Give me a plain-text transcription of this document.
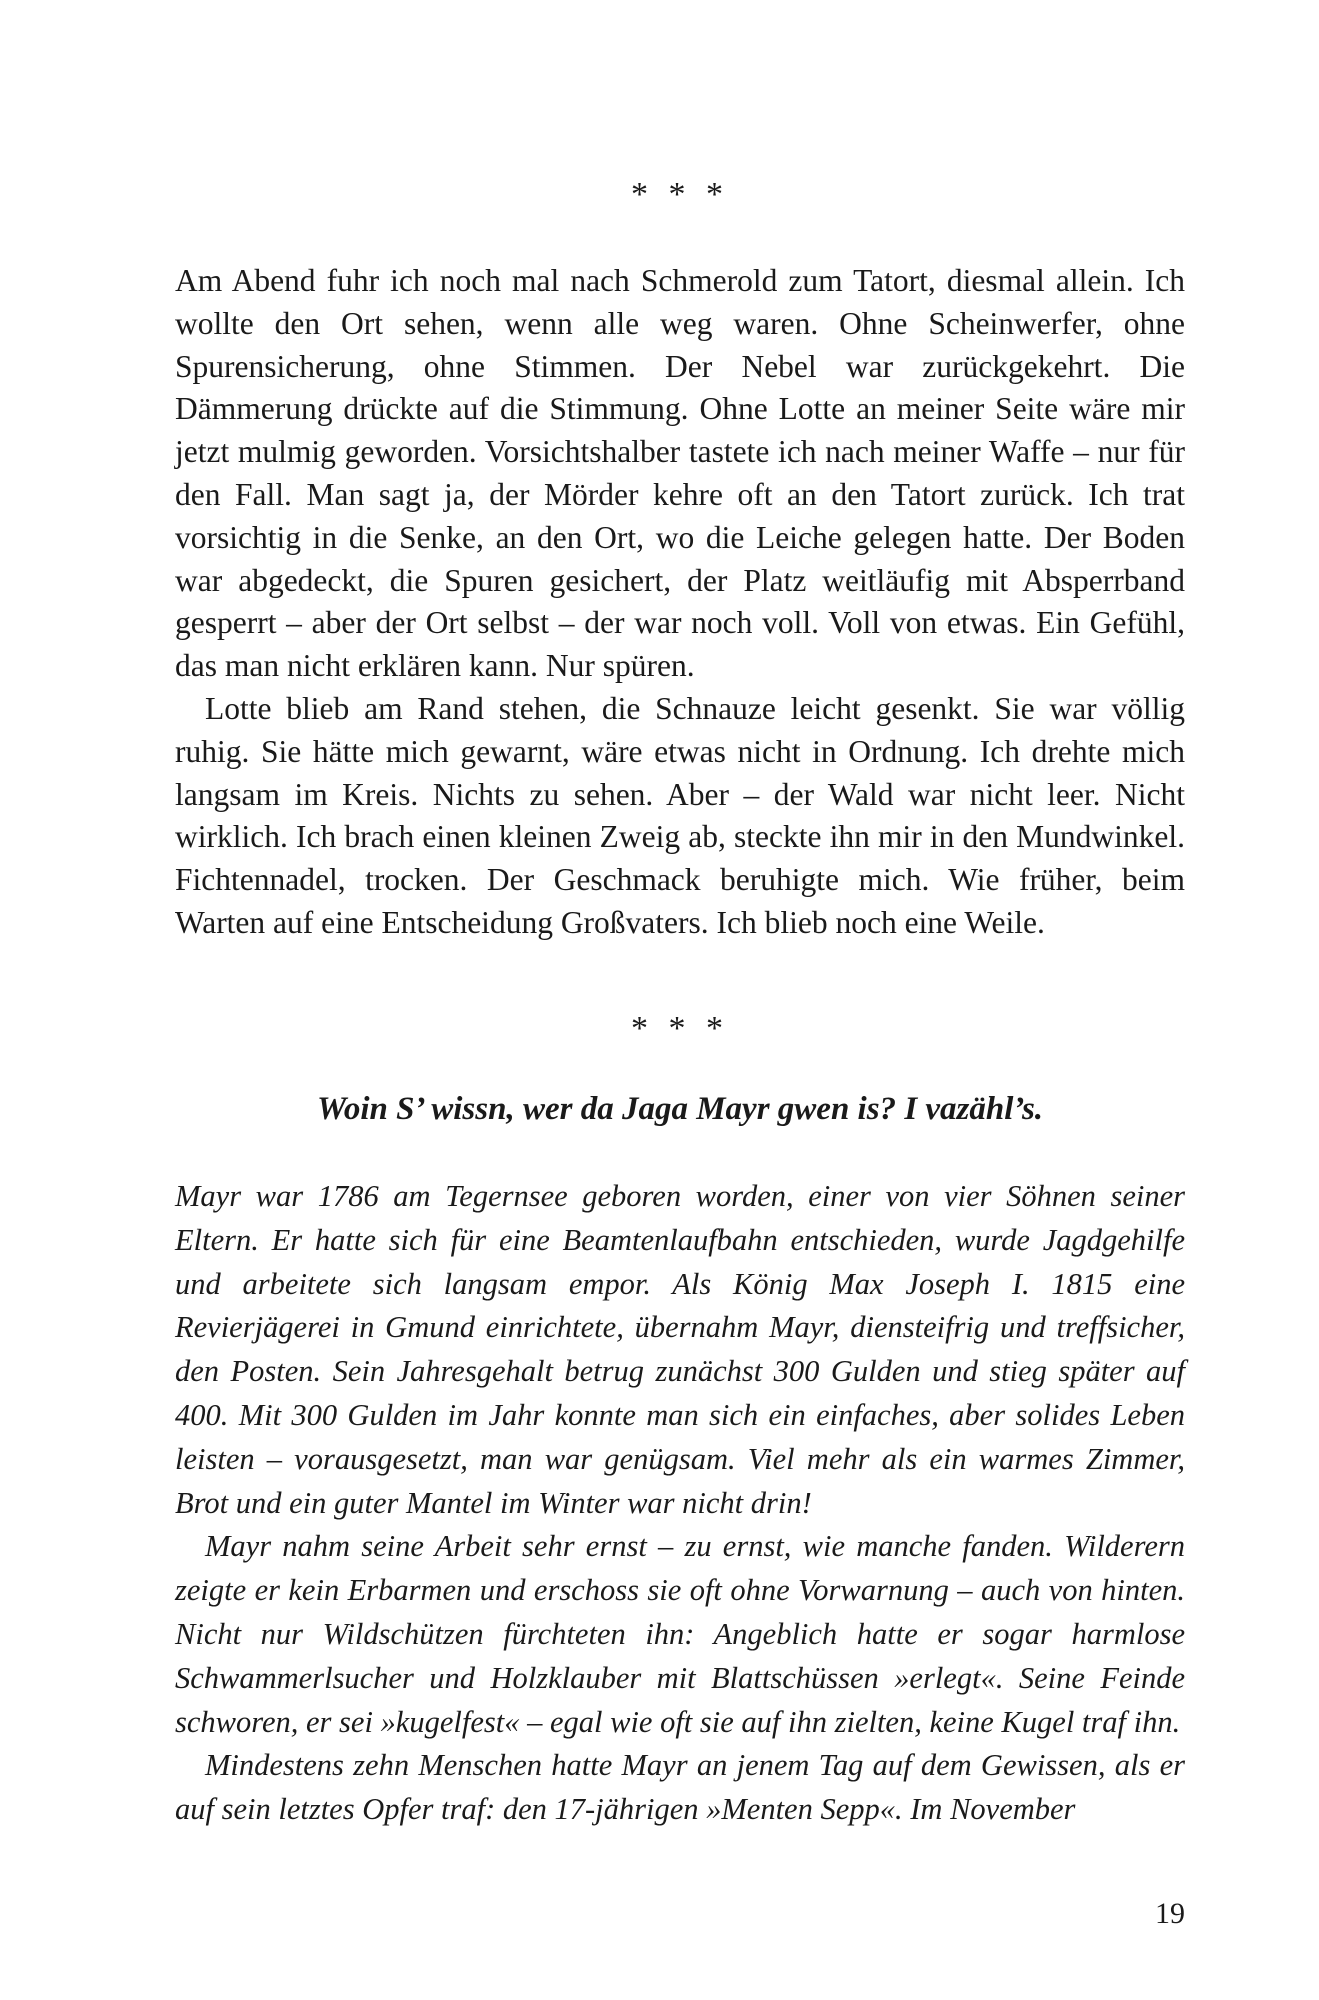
* * *

Am Abend fuhr ich noch mal nach Schmerold zum Tatort, diesmal allein. Ich wollte den Ort sehen, wenn alle weg waren. Ohne Scheinwerfer, ohne Spurensicherung, ohne Stimmen. Der Nebel war zurückgekehrt. Die Dämmerung drückte auf die Stimmung. Ohne Lotte an meiner Seite wäre mir jetzt mulmig geworden. Vorsichtshalber tastete ich nach meiner Waffe – nur für den Fall. Man sagt ja, der Mörder kehre oft an den Tatort zurück. Ich trat vorsichtig in die Senke, an den Ort, wo die Leiche gelegen hatte. Der Boden war abgedeckt, die Spuren gesichert, der Platz weitläufig mit Absperrband gesperrt – aber der Ort selbst – der war noch voll. Voll von etwas. Ein Gefühl, das man nicht erklären kann. Nur spüren.

Lotte blieb am Rand stehen, die Schnauze leicht gesenkt. Sie war völlig ruhig. Sie hätte mich gewarnt, wäre etwas nicht in Ordnung. Ich drehte mich langsam im Kreis. Nichts zu sehen. Aber – der Wald war nicht leer. Nicht wirklich. Ich brach einen kleinen Zweig ab, steckte ihn mir in den Mundwinkel. Fichtennadel, trocken. Der Geschmack beruhigte mich. Wie früher, beim Warten auf eine Entscheidung Großvaters. Ich blieb noch eine Weile.

* * *
Woin S’ wissn, wer da Jaga Mayr gwen is? I vazähl’s.

Mayr war 1786 am Tegernsee geboren worden, einer von vier Söhnen seiner Eltern. Er hatte sich für eine Beamtenlaufbahn entschieden, wurde Jagdgehilfe und arbeitete sich langsam empor. Als König Max Joseph I. 1815 eine Revierjägerei in Gmund einrichtete, übernahm Mayr, diensteifrig und treffsicher, den Posten. Sein Jahresgehalt betrug zunächst 300 Gulden und stieg später auf 400. Mit 300 Gulden im Jahr konnte man sich ein einfaches, aber solides Leben leisten – vorausgesetzt, man war genügsam. Viel mehr als ein warmes Zimmer, Brot und ein guter Mantel im Winter war nicht drin!

Mayr nahm seine Arbeit sehr ernst – zu ernst, wie manche fanden. Wilderern zeigte er kein Erbarmen und erschoss sie oft ohne Vorwarnung – auch von hinten. Nicht nur Wildschützen fürchteten ihn: Angeblich hatte er sogar harmlose Schwammerlsucher und Holzklauber mit Blattschüssen »erlegt«. Seine Feinde schworen, er sei »kugelfest« – egal wie oft sie auf ihn zielten, keine Kugel traf ihn.

Mindestens zehn Menschen hatte Mayr an jenem Tag auf dem Gewissen, als er auf sein letztes Opfer traf: den 17-jährigen »Menten Sepp«. Im November

19
